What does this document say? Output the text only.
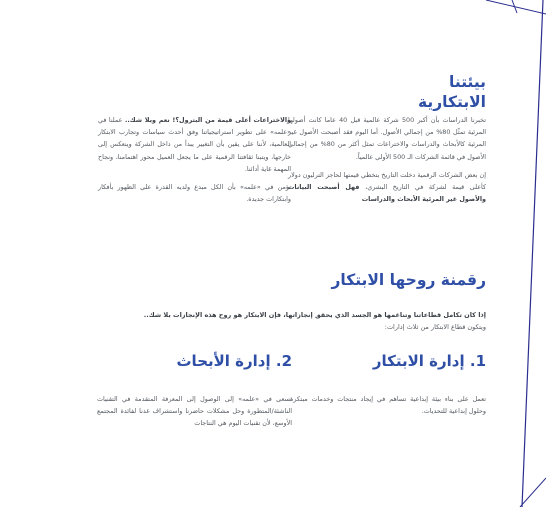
بيئتنا الابتكارية

تخبرنا الدراسات بأن أكبر 500 شركة عالمية قبل 40 عاما كانت أصولها المرئية تمثّل 80% من إجمالي الأصول. أما اليوم فقد أصبحت الأصول غير المرئية كالأبحاث والدراسات والاختراعات تمثل أكثر من 80% من إجمالي الأصول في قائمة الشركات الـ 500 الأولى عالمياً.

إن بعض الشركات الرقمية دخلت التاريخ بتخطي قيمتها لحاجز الترليون دولار كأعلى قيمة لشركة في التاريخ البشري، فهل أصبحت البيانات والأصول غير المرئية الأبحاث والدراسات

والاختراعات أعلى قيمة من البترول؟! نعم وبلا شك.. عملنا في «علمه» على تطوير استراتيجياتنا وفق أحدث سياسات وتجارب الابتكار العالمية، لأننا على يقين بأن التغيير يبدأ من داخل الشركة وينعكس إلى خارجها، ويتبنا ثقافتنا الرقمية على ما يجعل العميل محور اهتمامنا، ونجاح المهمة غاية أدائنا.

نؤمن في «علمه» بأن الكل مبدع ولديه القدرة على الظهور بأفكار وابتكارات جديدة.

رقمنة روحها الابتكار

إذا كان تكامل قطاعاتنا وتناغمها هو الجسد الذي يحقق إنجازاتها، فإن الابتكار هو روح هذه الإنجازات بلا شك..

ويتكون قطاع الابتكار من ثلاث إدارات:

1. إدارة الابتكار

تعمل على بناء بيئة إبداعية تساهم في إيجاد منتجات وخدمات مبتكرة وحلول إبداعية للتحديات.

2. إدارة الأبحاث

نسعى في «علمه» إلى الوصول إلى المعرفة المتقدمة في التقنيات الناشئة/المتطورة وحل مشكلات حاضرنا واستشراف غدنا لفائدة المجتمع الأوسع، لأن تقنيات اليوم هي النتاجات
